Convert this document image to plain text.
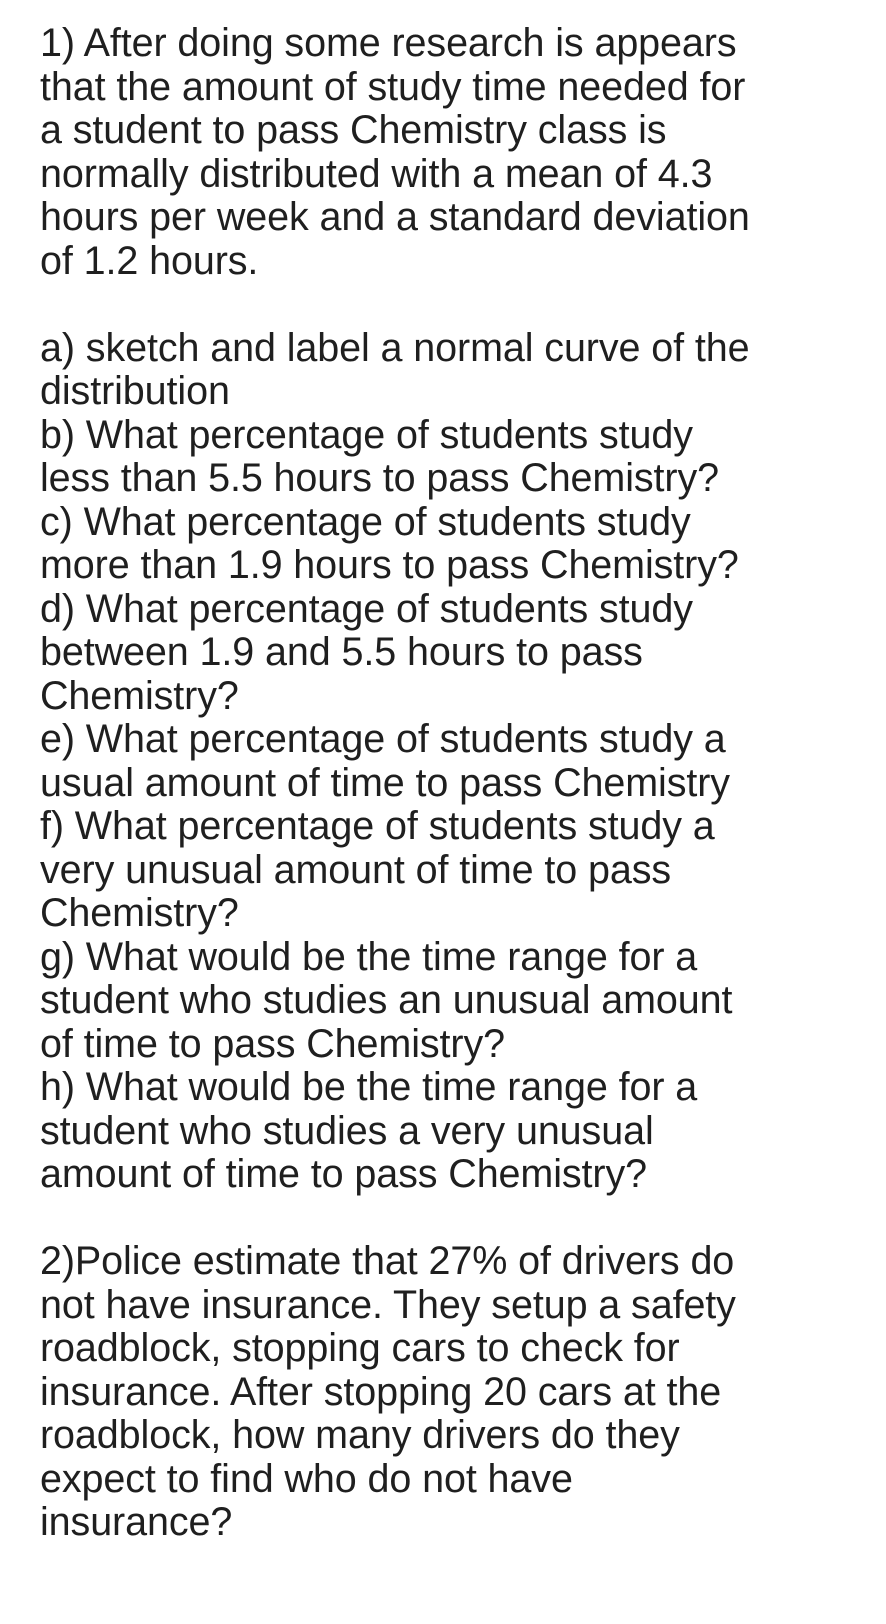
1) After doing some research is appears
that the amount of study time needed for
a student to pass Chemistry class is
normally distributed with a mean of 4.3
hours per week and a standard deviation
of 1.2 hours.
a) sketch and label a normal curve of the
distribution
b) What percentage of students study
less than 5.5 hours to pass Chemistry?
c) What percentage of students study
more than 1.9 hours to pass Chemistry?
d) What percentage of students study
between 1.9 and 5.5 hours to pass
Chemistry?
e) What percentage of students study a
usual amount of time to pass Chemistry
f) What percentage of students study a
very unusual amount of time to pass
Chemistry?
g) What would be the time range for a
student who studies an unusual amount
of time to pass Chemistry?
h) What would be the time range for a
student who studies a very unusual
amount of time to pass Chemistry?
2)Police estimate that 27% of drivers do
not have insurance. They setup a safety
roadblock, stopping cars to check for
insurance. After stopping 20 cars at the
roadblock, how many drivers do they
expect to find who do not have
insurance?
